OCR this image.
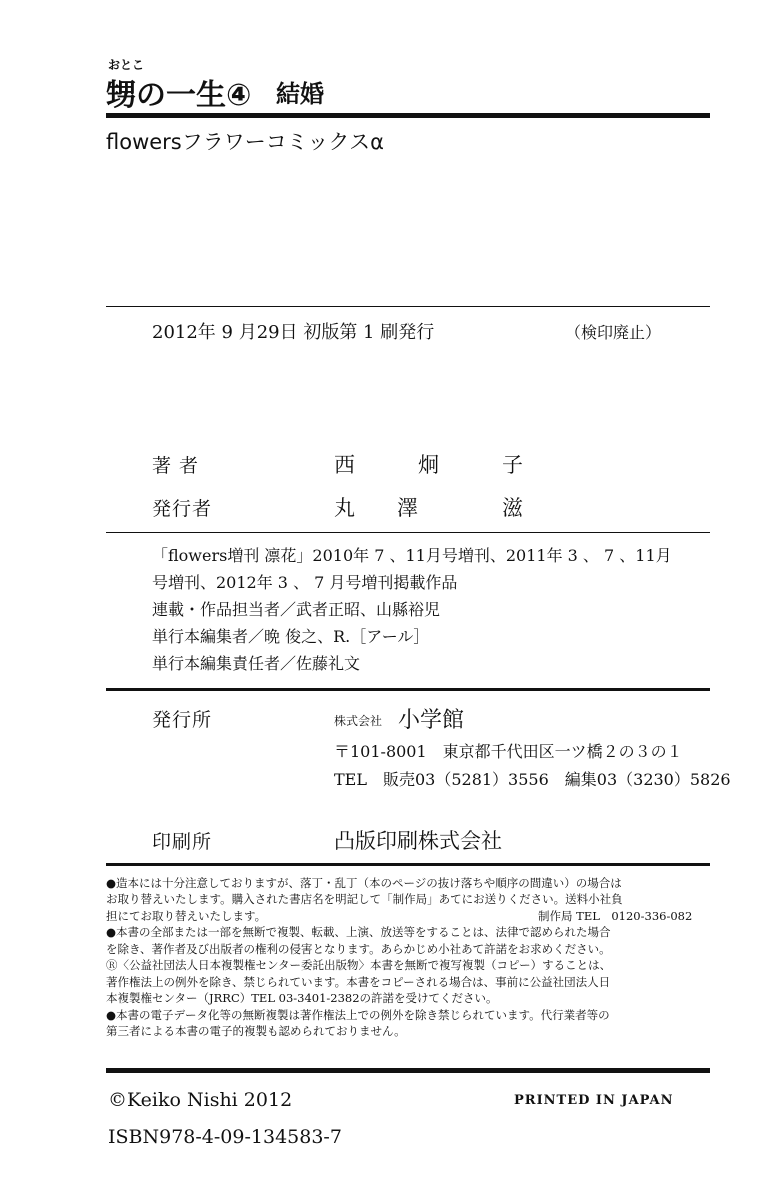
おとこ
甥の一生④ 結婚
flowersフラワーコミックスα
2012年 9 月29日 初版第 1 刷発行	（検印廃止）
著 者	西　　　炯　　　子
発行者	丸　　澤　　　　滋
「flowers増刊 凛花」2010年 7 、11月号増刊、2011年 3 、 7 、11月
号増刊、2012年 3 、 7 月号増刊掲載作品
連載・作品担当者／武者正昭、山縣裕児
単行本編集者／晩 俊之、R.［アール］
単行本編集責任者／佐藤礼文
発行所	株式会社 小学館
〒101-8001　東京都千代田区一ツ橋２の３の１
TEL　販売03（5281）3556　編集03（3230）5826
印刷所	凸版印刷株式会社
●造本には十分注意しておりますが、落丁・乱丁（本のページの抜け落ちや順序の間違い）の場合は
お取り替えいたします。購入された書店名を明記して「制作局」あてにお送りください。送料小社負
担にてお取り替えいたします。	制作局 TEL　0120-336-082
●本書の全部または一部を無断で複製、転載、上演、放送等をすることは、法律で認められた場合
を除き、著作者及び出版者の権利の侵害となります。あらかじめ小社あて許諾をお求めください。
Ⓡ〈公益社団法人日本複製権センター委託出版物〉本書を無断で複写複製（コピー）することは、
著作権法上の例外を除き、禁じられています。本書をコピーされる場合は、事前に公益社団法人日
本複製権センター（JRRC）TEL 03-3401-2382の許諾を受けてください。
●本書の電子データ化等の無断複製は著作権法上での例外を除き禁じられています。代行業者等の
第三者による本書の電子的複製も認められておりません。
©Keiko Nishi 2012	PRINTED IN JAPAN
ISBN978-4-09-134583-7
